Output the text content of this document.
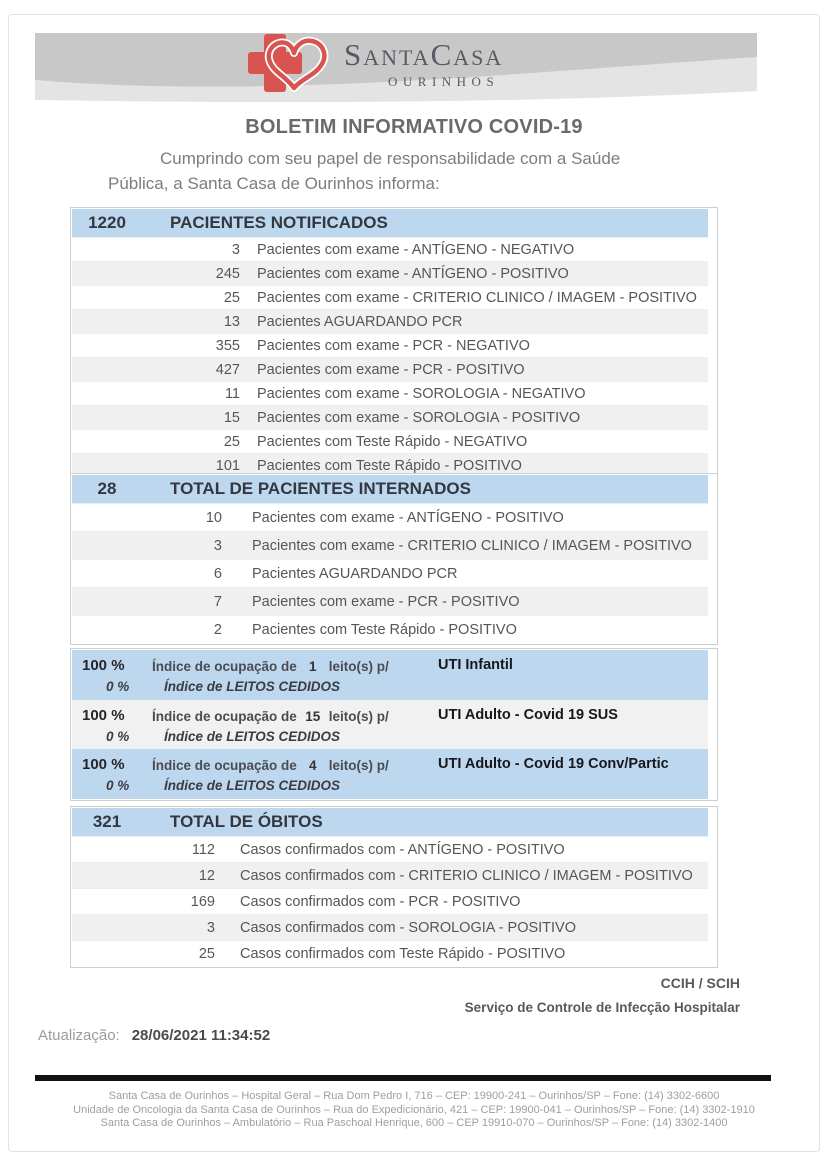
SantaCasa
OURINHOS
BOLETIM INFORMATIVO COVID-19
Cumprindo com seu papel de responsabilidade com a Saúde
Pública, a Santa Casa de Ourinhos informa:
1220	PACIENTES NOTIFICADOS
3	Pacientes com exame - ANTÍGENO - NEGATIVO
245	Pacientes com exame - ANTÍGENO - POSITIVO
25	Pacientes com exame - CRITERIO CLINICO / IMAGEM - POSITIVO
13	Pacientes AGUARDANDO PCR
355	Pacientes com exame - PCR - NEGATIVO
427	Pacientes com exame - PCR - POSITIVO
11	Pacientes com exame - SOROLOGIA - NEGATIVO
15	Pacientes com exame - SOROLOGIA - POSITIVO
25	Pacientes com Teste Rápido - NEGATIVO
101	Pacientes com Teste Rápido - POSITIVO
28	TOTAL DE PACIENTES INTERNADOS
10	Pacientes com exame - ANTÍGENO - POSITIVO
3	Pacientes com exame - CRITERIO CLINICO / IMAGEM - POSITIVO
6	Pacientes AGUARDANDO PCR
7	Pacientes com exame - PCR - POSITIVO
2	Pacientes com Teste Rápido - POSITIVO
100 % Índice de ocupação de 1 leito(s) p/	UTI Infantil
0 %	Índice de LEITOS CEDIDOS
100 % Índice de ocupação de 15 leito(s) p/	UTI Adulto - Covid 19 SUS
0 %	Índice de LEITOS CEDIDOS
100 % Índice de ocupação de 4 leito(s) p/	UTI Adulto - Covid 19 Conv/Partic
0 %	Índice de LEITOS CEDIDOS
321	TOTAL DE ÓBITOS
112	Casos confirmados com - ANTÍGENO - POSITIVO
12	Casos confirmados com - CRITERIO CLINICO / IMAGEM - POSITIVO
169	Casos confirmados com - PCR - POSITIVO
3	Casos confirmados com - SOROLOGIA - POSITIVO
25	Casos confirmados com Teste Rápido - POSITIVO
CCIH / SCIH
Serviço de Controle de Infecção Hospitalar
Atualização: 28/06/2021 11:34:52
Santa Casa de Ourinhos – Hospital Geral – Rua Dom Pedro I, 716 – CEP: 19900-241 – Ourinhos/SP – Fone: (14) 3302-6600
Unidade de Oncologia da Santa Casa de Ourinhos – Rua do Expedicionário, 421 – CEP: 19900-041 – Ourinhos/SP – Fone: (14) 3302-1910
Santa Casa de Ourinhos – Ambulatório – Rua Paschoal Henrique, 600 – CEP 19910-070 – Ourinhos/SP – Fone: (14) 3302-1400
